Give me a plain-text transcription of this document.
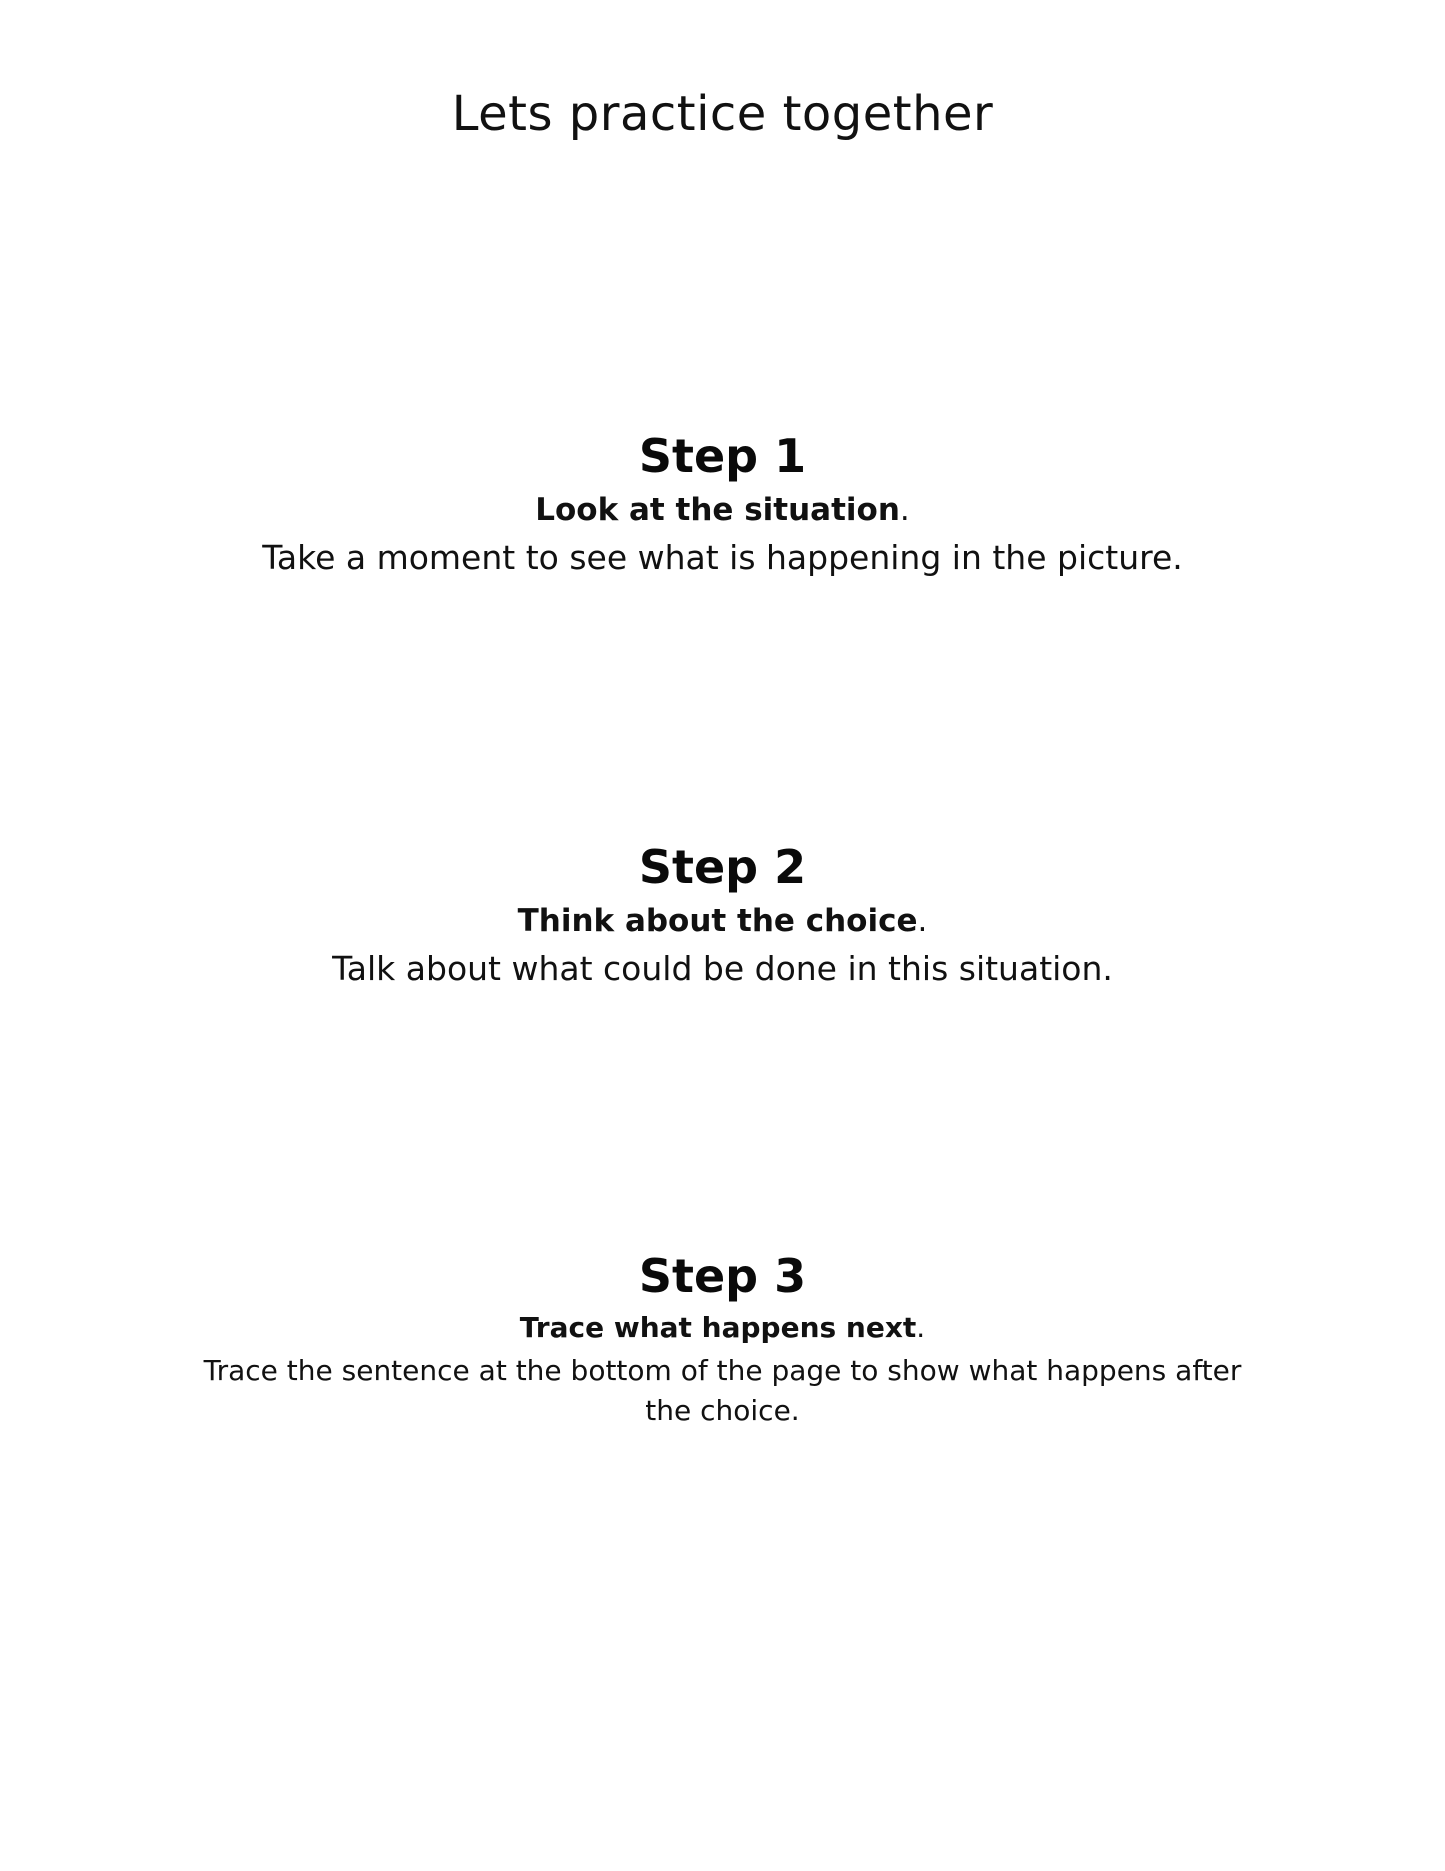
Lets practice together
Step 1

Look at the situation.

Take a moment to see what is happening in the picture.

Step 2

Think about the choice.

Talk about what could be done in this situation.

Step 3

Trace what happens next.

Trace the sentence at the bottom of the page to show what happens after the choice.
